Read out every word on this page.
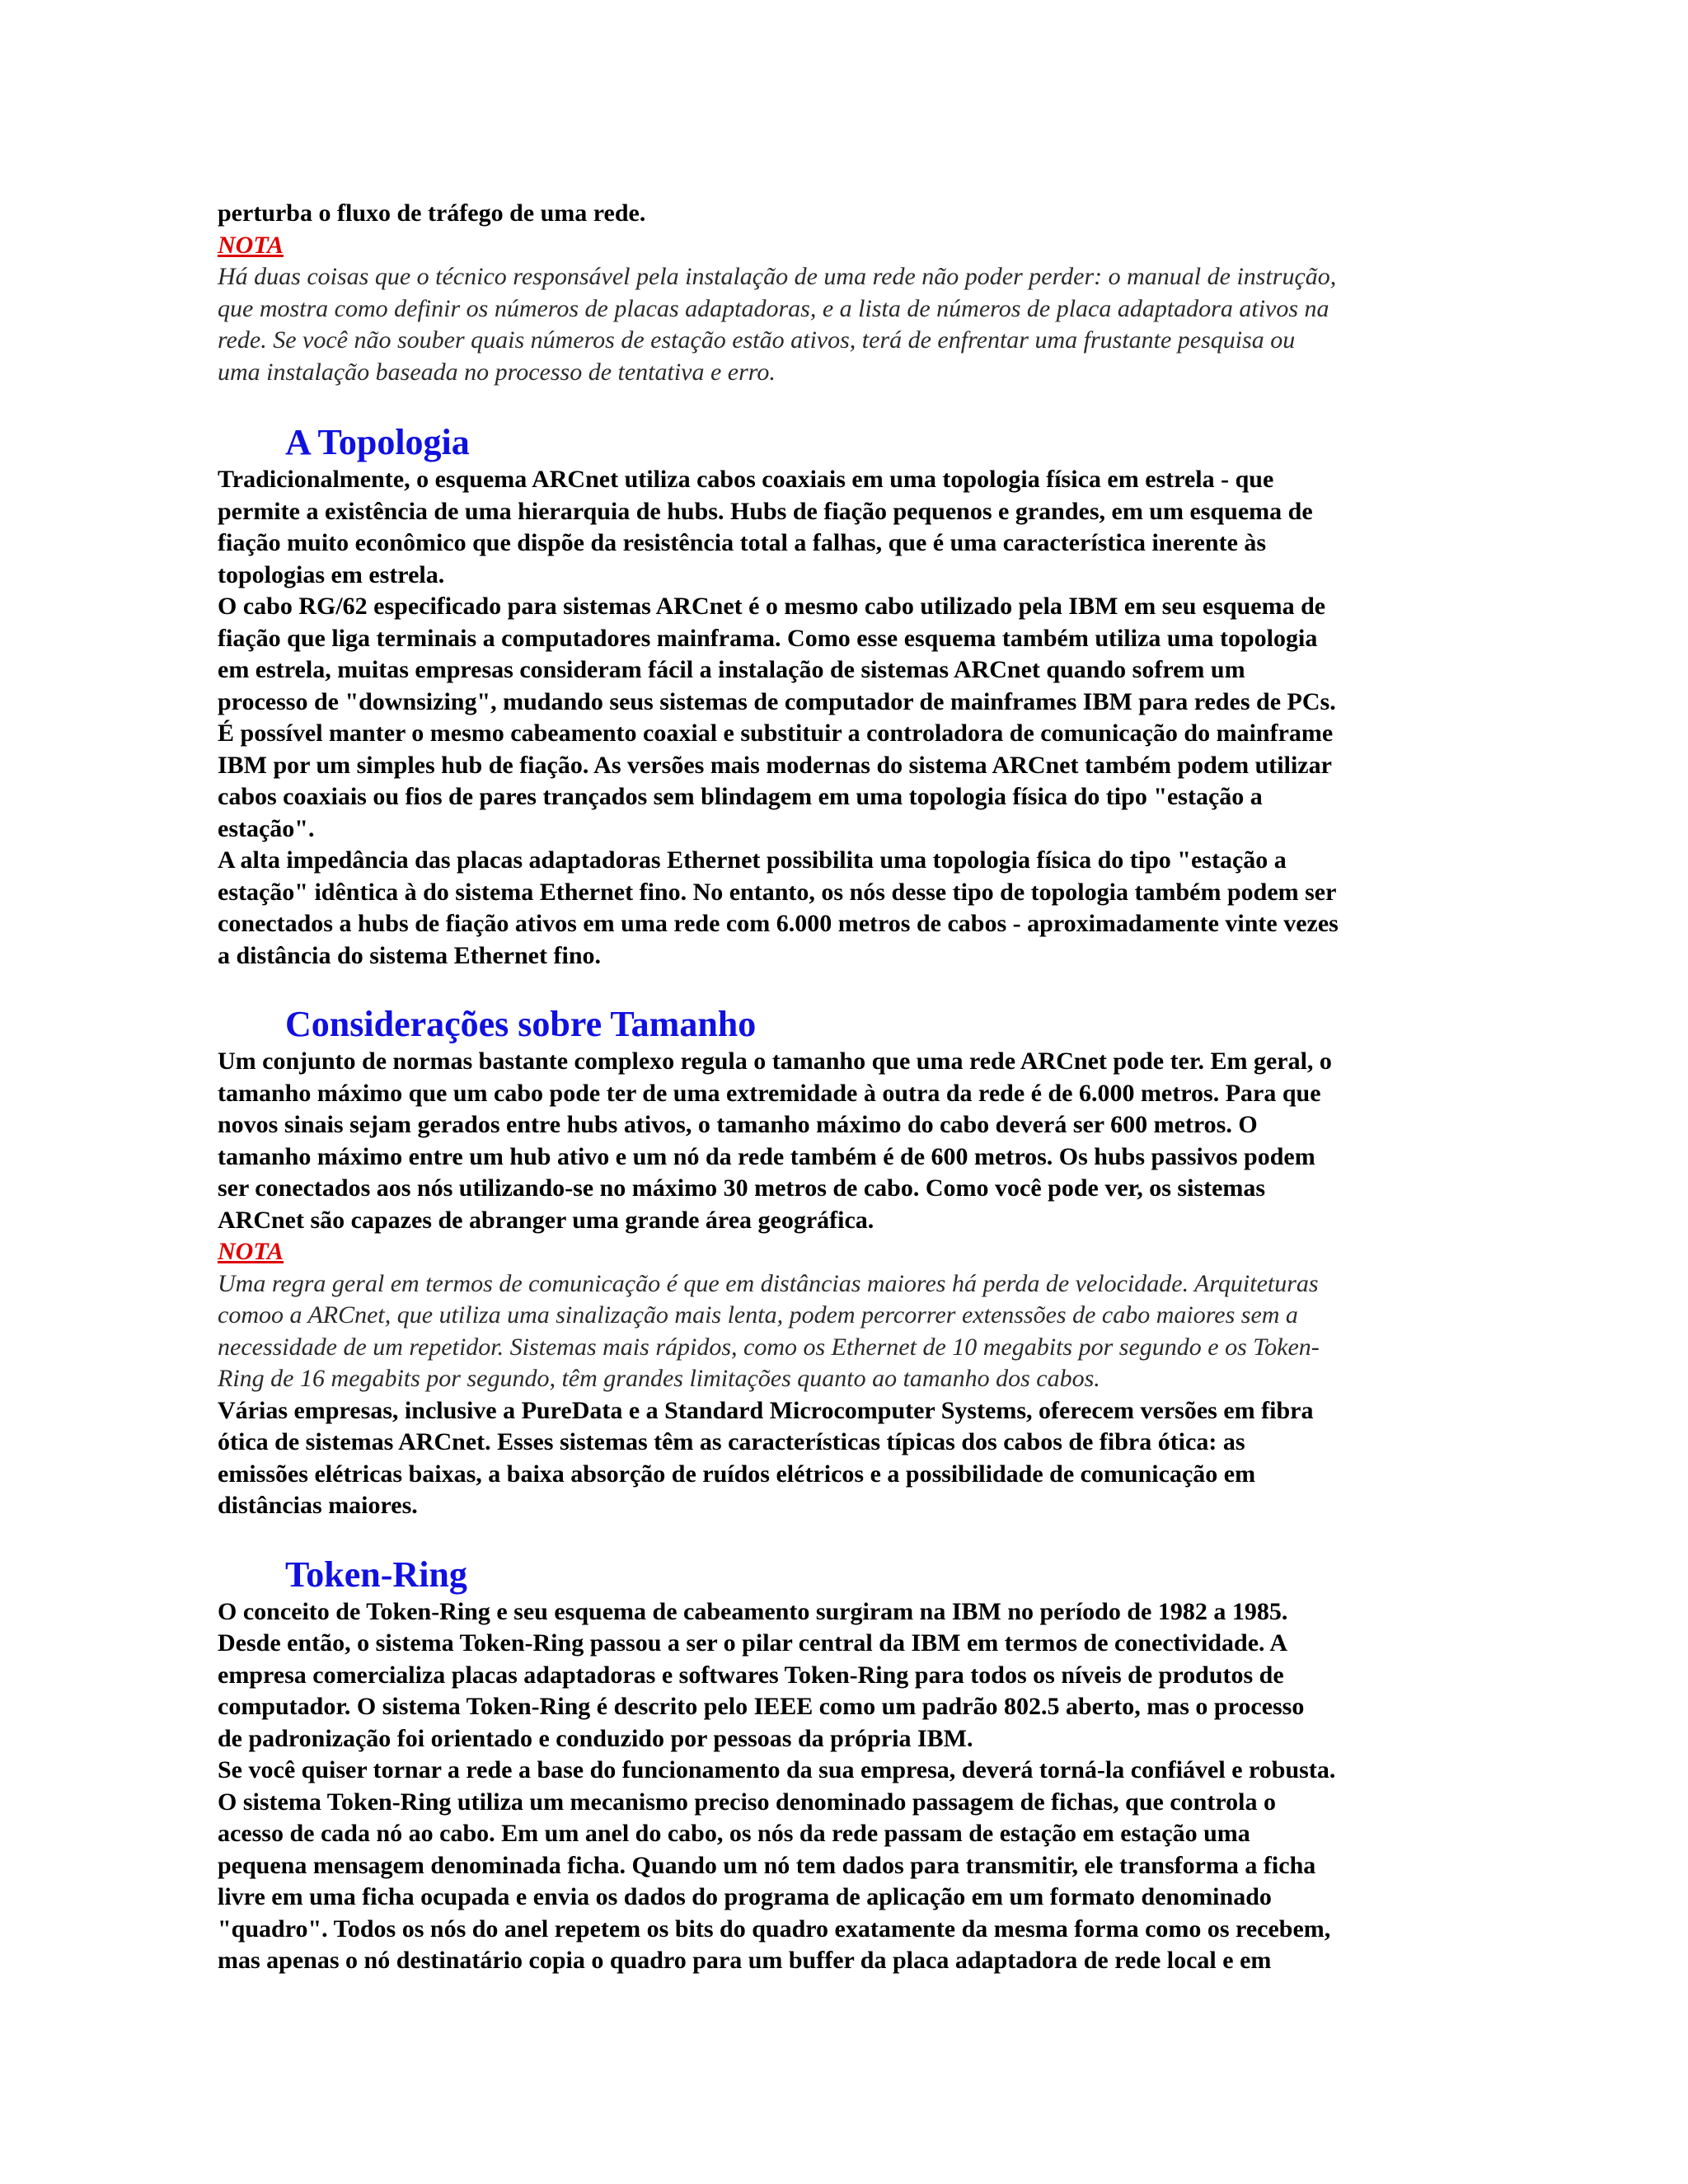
perturba o fluxo de tráfego de uma rede.

NOTA

Há duas coisas que o técnico responsável pela instalação de uma rede não poder perder: o manual de instrução,
que mostra como definir os números de placas adaptadoras, e a lista de números de placa adaptadora ativos na
rede. Se você não souber quais números de estação estão ativos, terá de enfrentar uma frustante pesquisa ou
uma instalação baseada no processo de tentativa e erro.

A Topologia

Tradicionalmente, o esquema ARCnet utiliza cabos coaxiais em uma topologia física em estrela - que
permite a existência de uma hierarquia de hubs. Hubs de fiação pequenos e grandes, em um esquema de
fiação muito econômico que dispõe da resistência total a falhas, que é uma característica inerente às
topologias em estrela.

O cabo RG/62 especificado para sistemas ARCnet é o mesmo cabo utilizado pela IBM em seu esquema de
fiação que liga terminais a computadores mainframa. Como esse esquema também utiliza uma topologia
em estrela, muitas empresas consideram fácil a instalação de sistemas ARCnet quando sofrem um
processo de "downsizing", mudando seus sistemas de computador de mainframes IBM para redes de PCs.
É possível manter o mesmo cabeamento coaxial e substituir a controladora de comunicação do mainframe
IBM por um simples hub de fiação. As versões mais modernas do sistema ARCnet também podem utilizar
cabos coaxiais ou fios de pares trançados sem blindagem em uma topologia física do tipo "estação a
estação".

A alta impedância das placas adaptadoras Ethernet possibilita uma topologia física do tipo "estação a
estação" idêntica à do sistema Ethernet fino. No entanto, os nós desse tipo de topologia também podem ser
conectados a hubs de fiação ativos em uma rede com 6.000 metros de cabos - aproximadamente vinte vezes
a distância do sistema Ethernet fino.

Considerações sobre Tamanho

Um conjunto de normas bastante complexo regula o tamanho que uma rede ARCnet pode ter. Em geral, o
tamanho máximo que um cabo pode ter de uma extremidade à outra da rede é de 6.000 metros. Para que
novos sinais sejam gerados entre hubs ativos, o tamanho máximo do cabo deverá ser 600 metros. O
tamanho máximo entre um hub ativo e um nó da rede também é de 600 metros. Os hubs passivos podem
ser conectados aos nós utilizando-se no máximo 30 metros de cabo. Como você pode ver, os sistemas
ARCnet são capazes de abranger uma grande área geográfica.

NOTA

Uma regra geral em termos de comunicação é que em distâncias maiores há perda de velocidade. Arquiteturas
comoo a ARCnet, que utiliza uma sinalização mais lenta, podem percorrer extenssões de cabo maiores sem a
necessidade de um repetidor. Sistemas mais rápidos, como os Ethernet de 10 megabits por segundo e os Token-
Ring de 16 megabits por segundo, têm grandes limitações quanto ao tamanho dos cabos.

Várias empresas, inclusive a PureData e a Standard Microcomputer Systems, oferecem versões em fibra
ótica de sistemas ARCnet. Esses sistemas têm as características típicas dos cabos de fibra ótica: as
emissões elétricas baixas, a baixa absorção de ruídos elétricos e a possibilidade de comunicação em
distâncias maiores.

Token-Ring

O conceito de Token-Ring e seu esquema de cabeamento surgiram na IBM no período de 1982 a 1985.
Desde então, o sistema Token-Ring passou a ser o pilar central da IBM em termos de conectividade. A
empresa comercializa placas adaptadoras e softwares Token-Ring para todos os níveis de produtos de
computador. O sistema Token-Ring é descrito pelo IEEE como um padrão 802.5 aberto, mas o processo
de padronização foi orientado e conduzido por pessoas da própria IBM.

Se você quiser tornar a rede a base do funcionamento da sua empresa, deverá torná-la confiável e robusta.
O sistema Token-Ring utiliza um mecanismo preciso denominado passagem de fichas, que controla o
acesso de cada nó ao cabo. Em um anel do cabo, os nós da rede passam de estação em estação uma
pequena mensagem denominada ficha. Quando um nó tem dados para transmitir, ele transforma a ficha
livre em uma ficha ocupada e envia os dados do programa de aplicação em um formato denominado
"quadro". Todos os nós do anel repetem os bits do quadro exatamente da mesma forma como os recebem,
mas apenas o nó destinatário copia o quadro para um buffer da placa adaptadora de rede local e em
